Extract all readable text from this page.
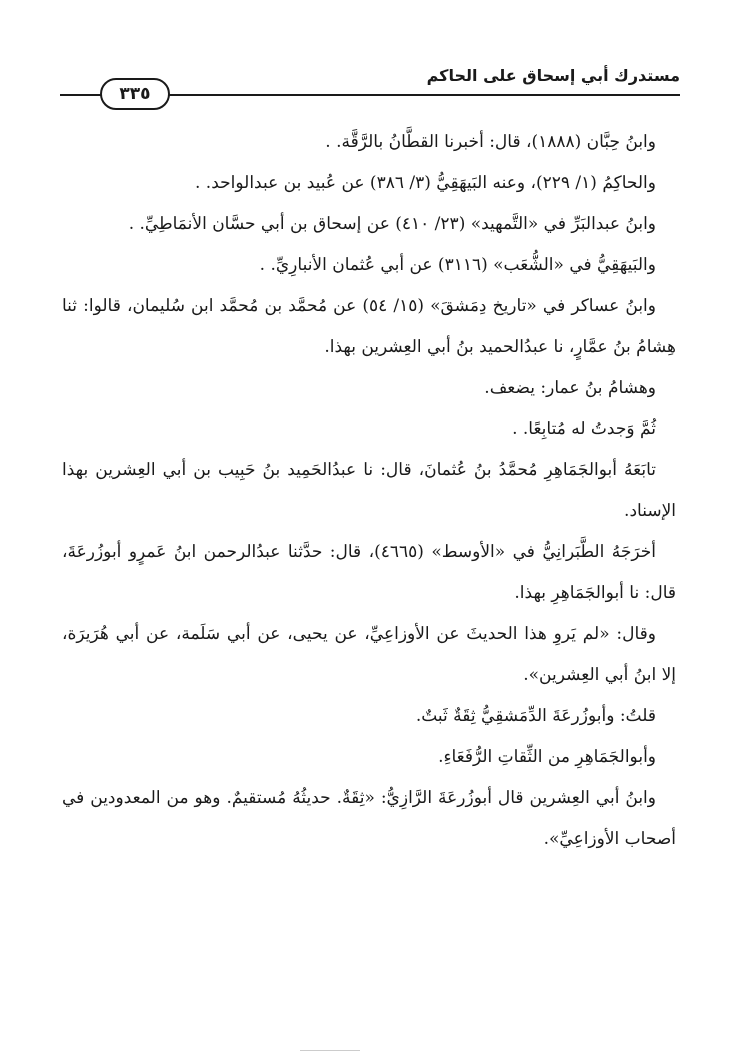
مستدرك أبي إسحاق على الحاكم
٣٣٥

وابنُ حِبَّان (١٨٨٨)، قال: أخبرنا القطَّانُ بالرَّقَّة. .

والحاكِمُ (١/ ٢٢٩)، وعنه البَيهَقِيُّ (٣/ ٣٨٦) عن عُبيد بن عبدالواحد. .

وابنُ عبدالبَرِّ في «التَّمهيد» (٢٣/ ٤١٠) عن إسحاق بن أبي حسَّان الأنمَاطِيِّ. .

والبَيهَقِيُّ في «الشُّعَب» (٣١١٦) عن أبي عُثمان الأنبارِيِّ. .

وابنُ عساكر في «تاريخ دِمَشقَ» (١٥/ ٥٤) عن مُحمَّد بن مُحمَّد ابن سُليمان، قالوا: ثنا هِشامُ بنُ عمَّارٍ، نا عبدُالحميد بنُ أبي العِشرين بهذا.

وهشامُ بنُ عمار: يضعف.

ثُمَّ وَجدتُ له مُتابِعًا. .

تابَعَهُ أبوالجَمَاهِرِ مُحمَّدُ بنُ عُثمانَ، قال: نا عبدُالحَمِيد بنُ حَبِيب بن أبي العِشرين بهذا الإسناد.

أخرَجَهُ الطَّبَرانِيُّ في «الأوسط» (٤٦٦٥)، قال: حدَّثنا عبدُالرحمن ابنُ عَمرٍو أبوزُرعَةَ، قال: نا أبوالجَمَاهِرِ بهذا.

وقال: «لم يَروِ هذا الحديثَ عن الأوزاعِيِّ، عن يحيى، عن أبي سَلَمة، عن أبي هُرَيرَة، إلا ابنُ أبي العِشرين».

قلتُ: وأبوزُرعَةَ الدِّمَشقِيُّ ثِقَةٌ ثَبتٌ.

وأبوالجَمَاهِرِ من الثِّقاتِ الرُّفَعَاءِ.

وابنُ أبي العِشرين قال أبوزُرعَةَ الرَّازِيُّ: «ثِقَةٌ. حديثُهُ مُستقيمٌ. وهو من المعدودين في أصحاب الأوزاعِيِّ».
